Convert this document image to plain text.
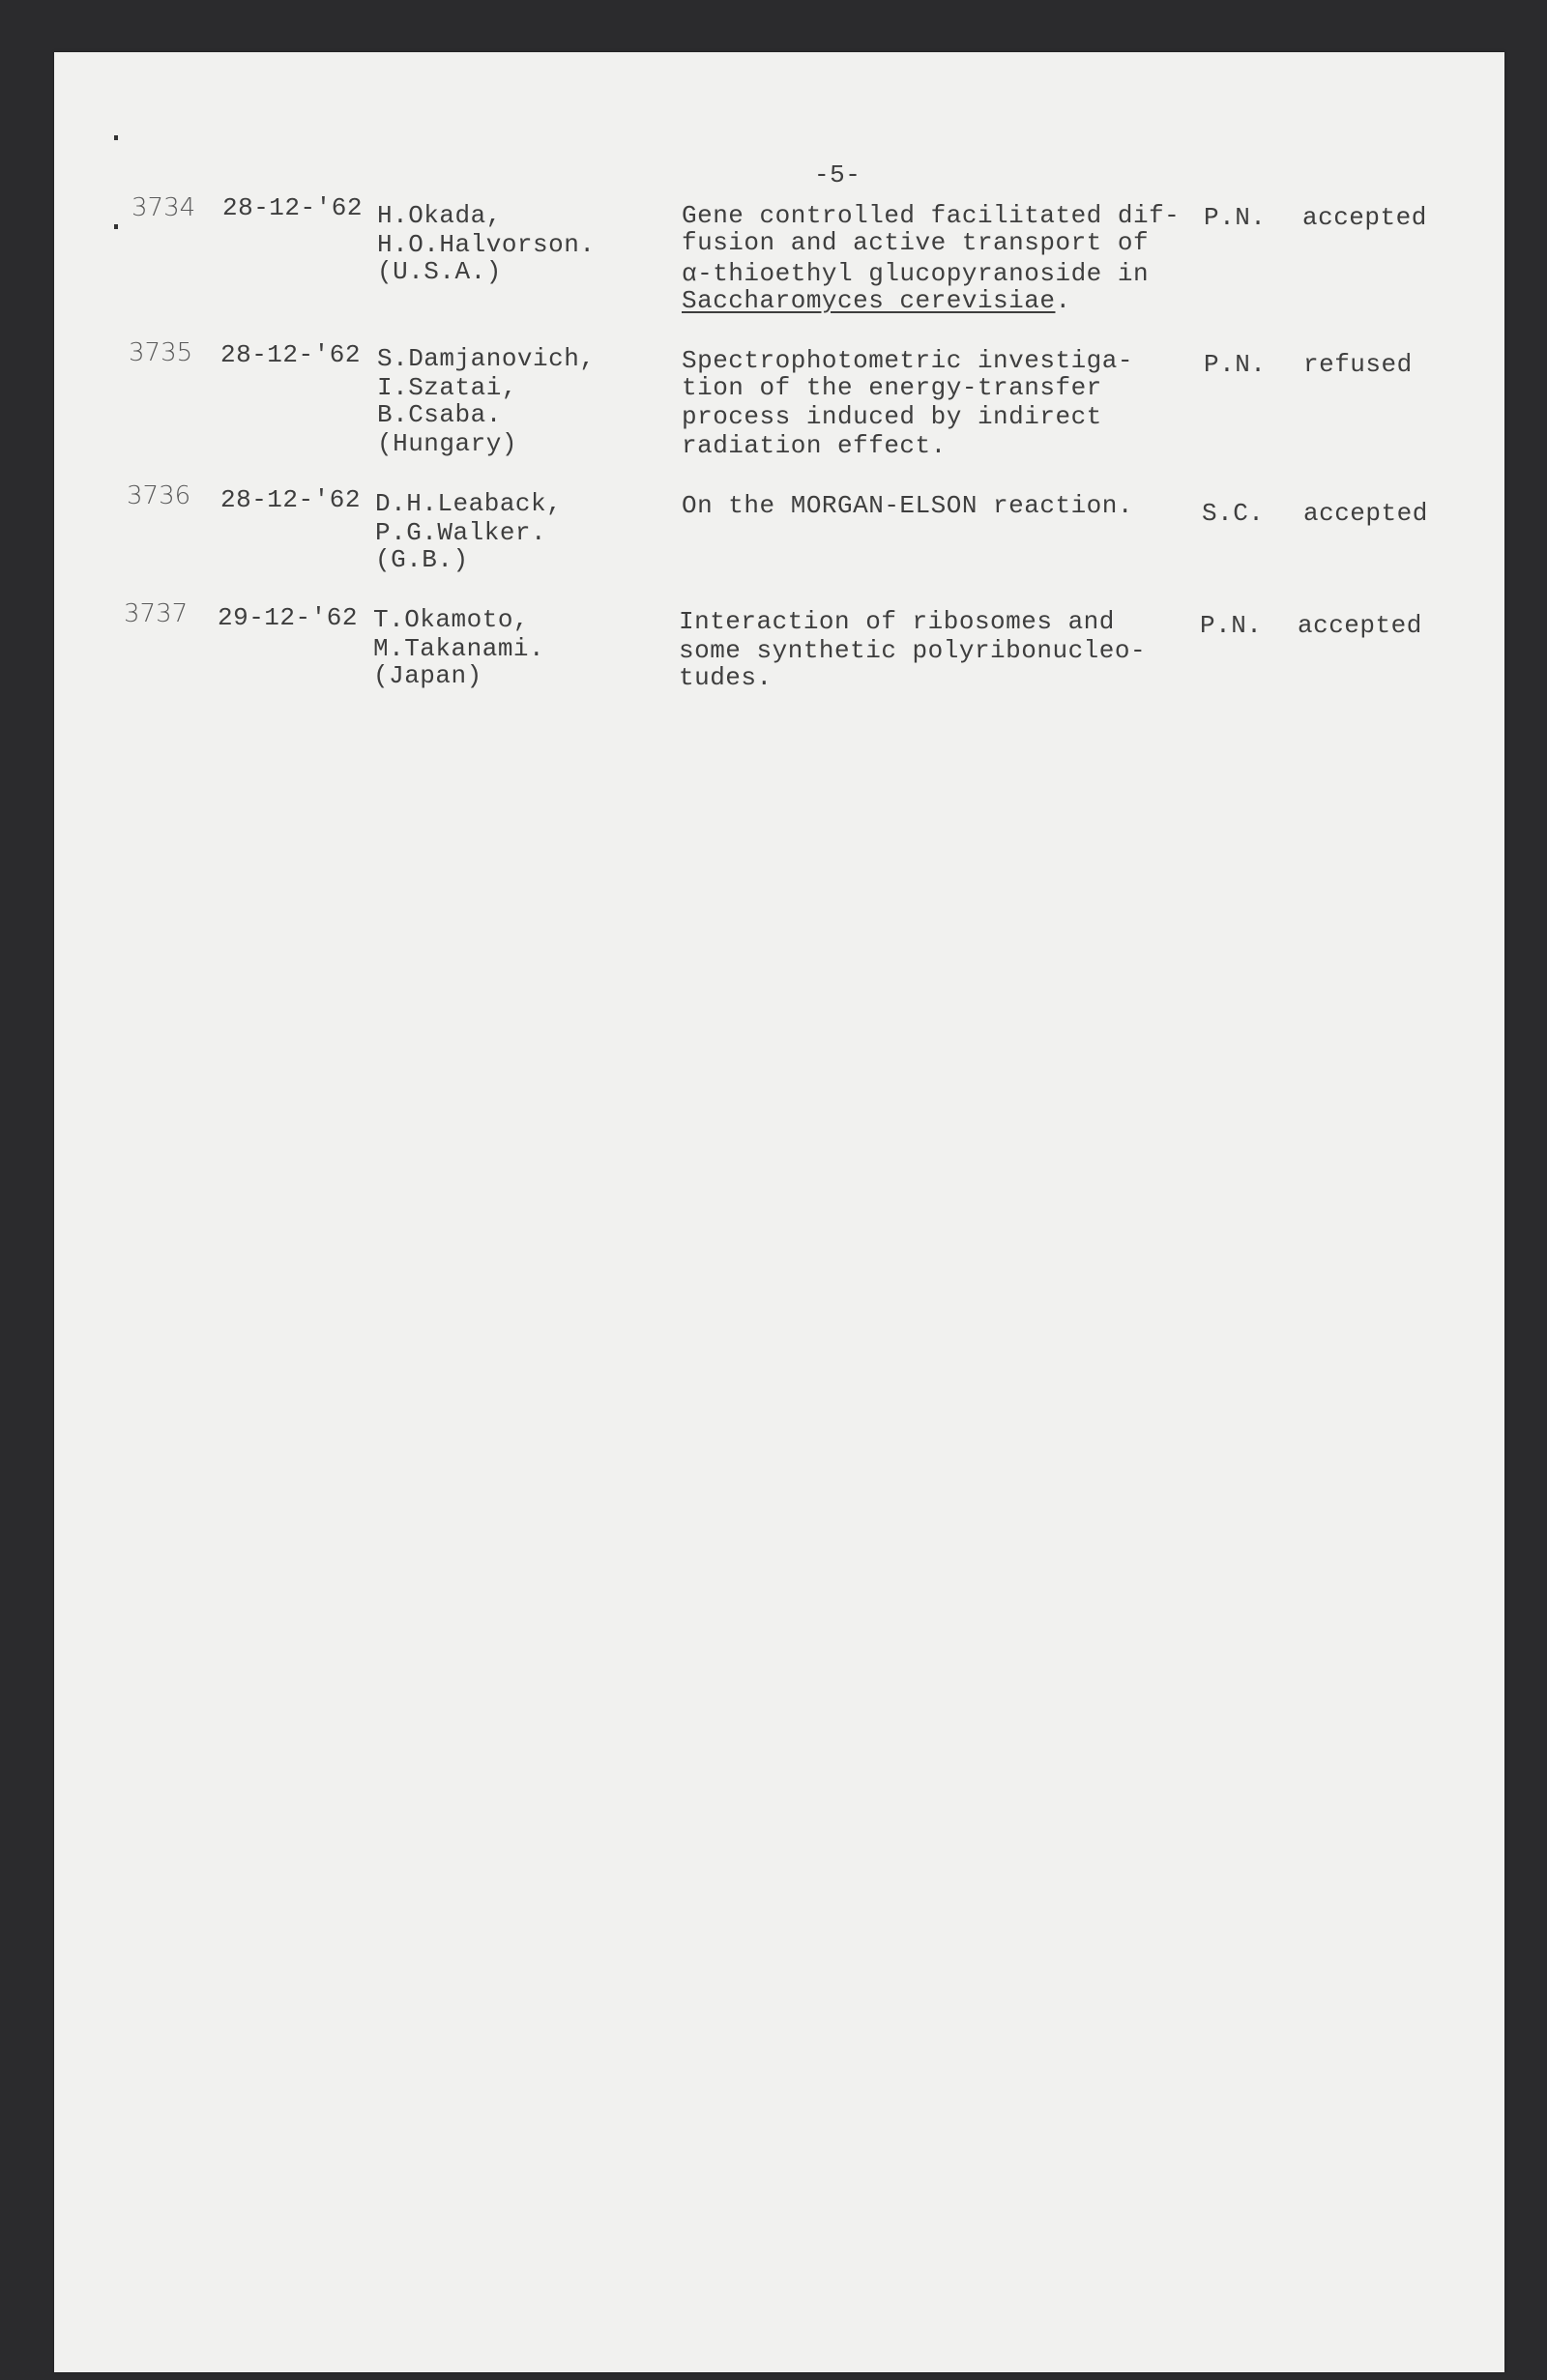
-5-
3734 28-12-'62 H.Okada,
H.O.Halvorson.
(U.S.A.)
Gene controlled facilitated dif-
fusion and active transport of
α-thioethyl glucopyranoside in
Saccharomyces cerevisiae.
P.N. accepted
3735 28-12-'62 S.Damjanovich,
I.Szatai,
B.Csaba.
(Hungary)
Spectrophotometric investiga-
tion of the energy-transfer
process induced by indirect
radiation effect.
P.N. refused
3736 28-12-'62 D.H.Leaback,
P.G.Walker.
(G.B.)
On the MORGAN-ELSON reaction.	S.C. accepted
3737 29-12-'62 T.Okamoto,
M.Takanami.
(Japan)
Interaction of ribosomes and
some synthetic polyribonucleo-
tudes.
P.N. accepted
